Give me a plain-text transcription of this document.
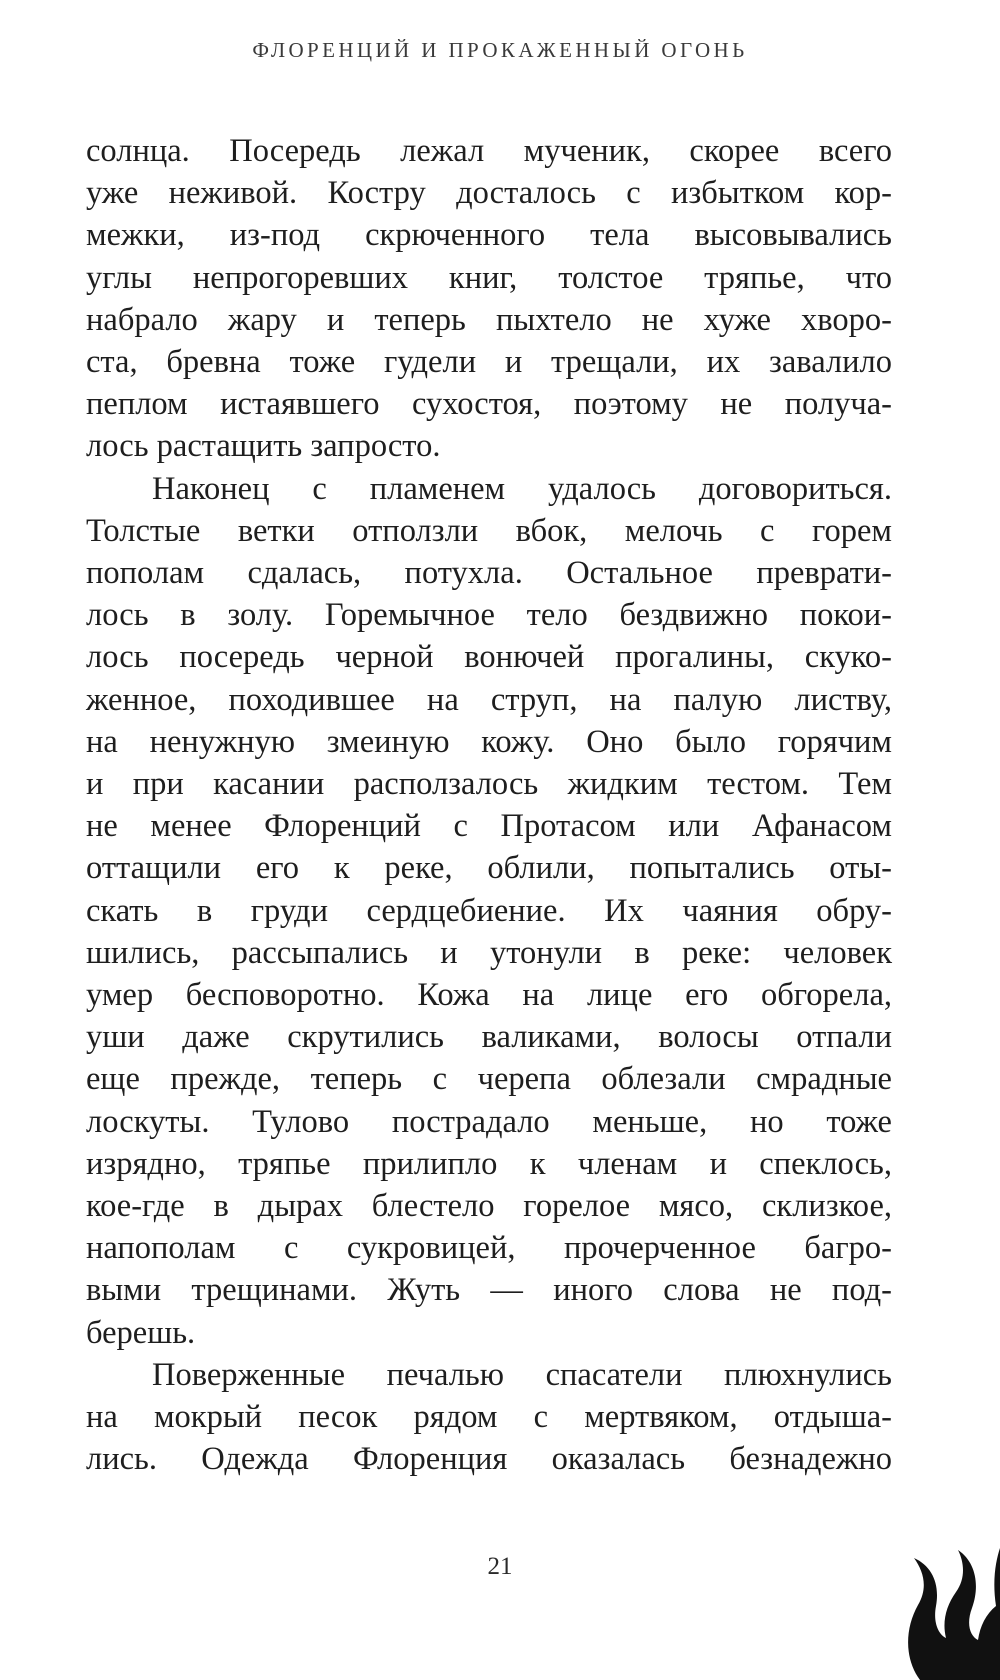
ФЛОРЕНЦИЙ И ПРОКАЖЕННЫЙ ОГОНЬ
солнца. Посередь лежал мученик, скорее всего
уже неживой. Костру досталось с избытком кор-
межки, из-под скрюченного тела высовывались
углы непрогоревших книг, толстое тряпье, что
набрало жару и теперь пыхтело не хуже хворо-
ста, бревна тоже гудели и трещали, их завалило
пеплом истаявшего сухостоя, поэтому не получа-
лось растащить запросто.
Наконец с пламенем удалось договориться.
Толстые ветки отползли вбок, мелочь с горем
пополам сдалась, потухла. Остальное преврати-
лось в золу. Горемычное тело бездвижно покои-
лось посередь черной вонючей прогалины, скуко-
женное, походившее на струп, на палую листву,
на ненужную змеиную кожу. Оно было горячим
и при касании расползалось жидким тестом. Тем
не менее Флоренций с Протасом или Афанасом
оттащили его к реке, облили, попытались оты-
скать в груди сердцебиение. Их чаяния обру-
шились, рассыпались и утонули в реке: человек
умер бесповоротно. Кожа на лице его обгорела,
уши даже скрутились валиками, волосы отпали
еще прежде, теперь с черепа облезали смрадные
лоскуты. Тулово пострадало меньше, но тоже
изрядно, тряпье прилипло к членам и спеклось,
кое-где в дырах блестело горелое мясо, склизкое,
напополам с сукровицей, прочерченное багро-
выми трещинами. Жуть — иного слова не под-
берешь.
Поверженные печалью спасатели плюхнулись
на мокрый песок рядом с мертвяком, отдыша-
лись. Одежда Флоренция оказалась безнадежно
21
